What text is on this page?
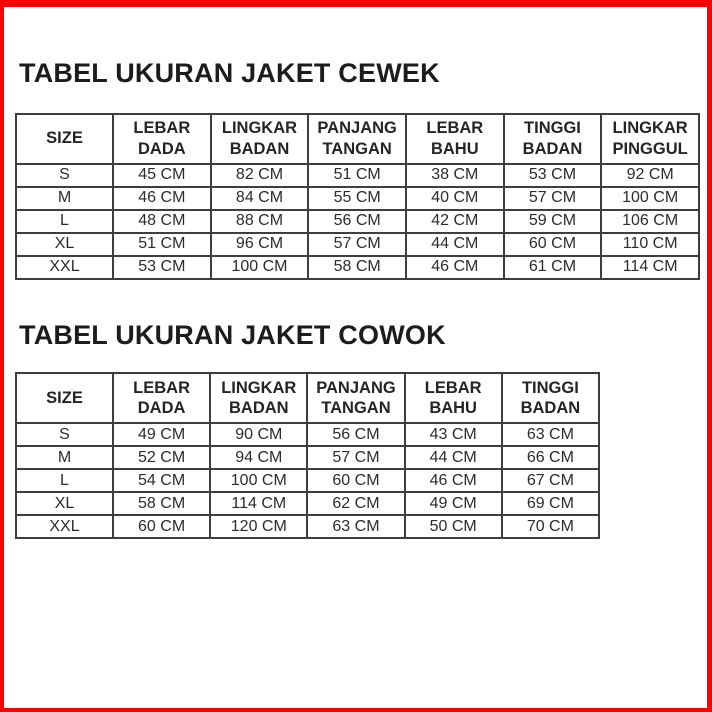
TABEL UKURAN JAKET CEWEK
SIZE	LEBAR DADA	LINGKAR BADAN	PANJANG TANGAN	LEBAR BAHU	TINGGI BADAN	LINGKAR PINGGUL
S	45 CM	82 CM	51 CM	38 CM	53 CM	92 CM
M	46 CM	84 CM	55 CM	40 CM	57 CM	100 CM
L	48 CM	88 CM	56 CM	42 CM	59 CM	106 CM
XL	51 CM	96 CM	57 CM	44 CM	60 CM	110 CM
XXL	53 CM	100 CM	58 CM	46 CM	61 CM	114 CM
TABEL UKURAN JAKET COWOK
SIZE	LEBAR DADA	LINGKAR BADAN	PANJANG TANGAN	LEBAR BAHU	TINGGI BADAN
S	49 CM	90 CM	56 CM	43 CM	63 CM
M	52 CM	94 CM	57 CM	44 CM	66 CM
L	54 CM	100 CM	60 CM	46 CM	67 CM
XL	58 CM	114 CM	62 CM	49 CM	69 CM
XXL	60 CM	120 CM	63 CM	50 CM	70 CM
